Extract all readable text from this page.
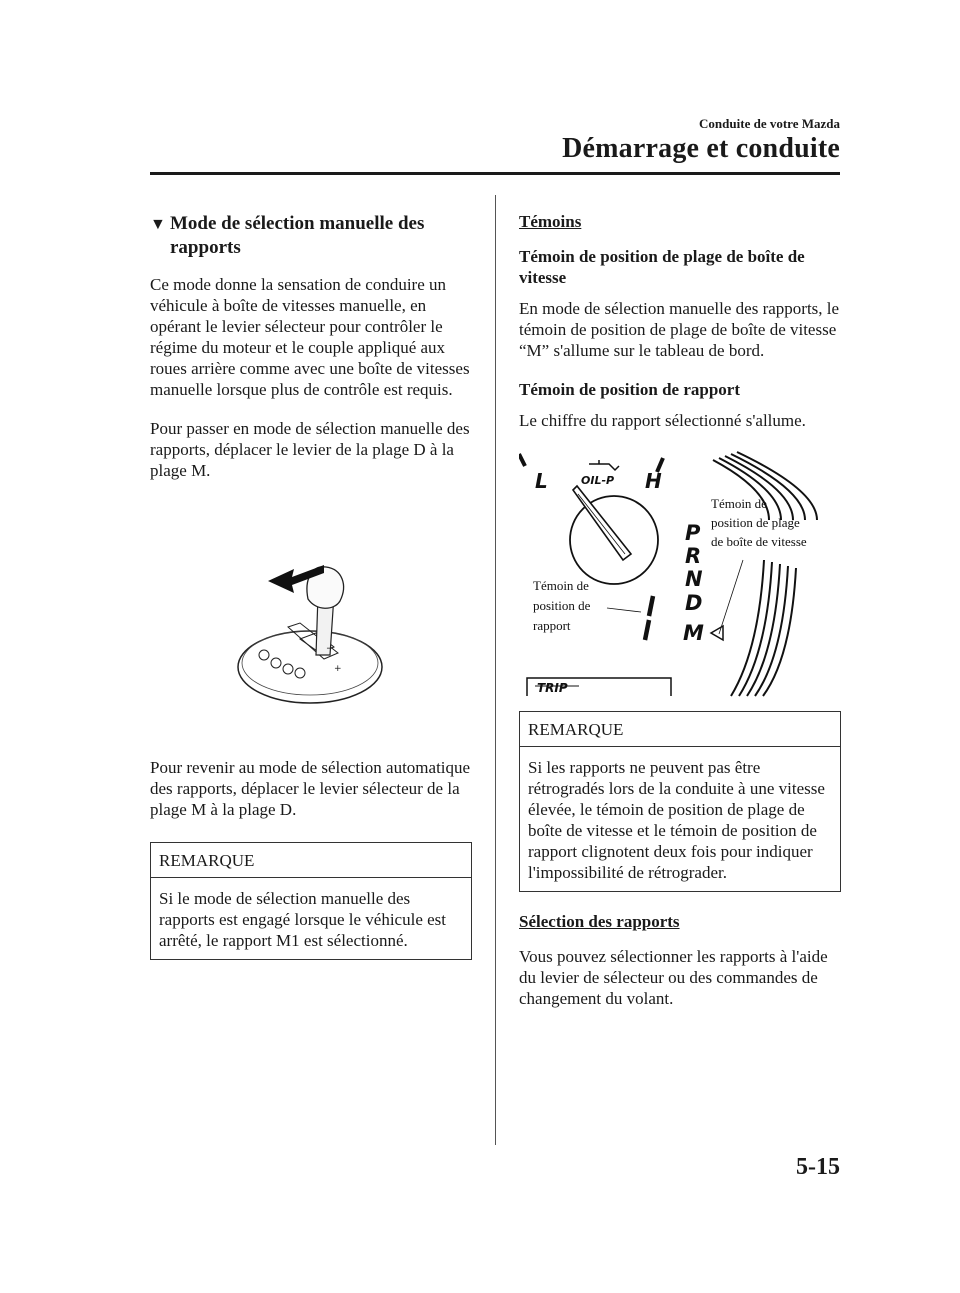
Conduite de votre Mazda
Démarrage et conduite
▼ Mode de sélection manuelle des rapports

Ce mode donne la sensation de conduire un véhicule à boîte de vitesses manuelle, en opérant le levier sélecteur pour contrôler le régime du moteur et le couple appliqué aux roues arrière comme avec une boîte de vitesses manuelle lorsque plus de contrôle est requis.

Pour passer en mode de sélection manuelle des rapports, déplacer le levier de la plage D à la plage M.

Pour revenir au mode de sélection automatique des rapports, déplacer le levier sélecteur de la plage M à la plage D.

REMARQUE
Si le mode de sélection manuelle des rapports est engagé lorsque le véhicule est arrêté, le rapport M1 est sélectionné.
+
−
Témoins
Témoin de position de plage de boîte de vitesse

En mode de sélection manuelle des rapports, le témoin de position de plage de boîte de vitesse “M” s'allume sur le tableau de bord.

Témoin de position de rapport

Le chiffre du rapport sélectionné s'allume.

REMARQUE
Si les rapports ne peuvent pas être rétrogradés lors de la conduite à une vitesse élevée, le témoin de position de plage de boîte de vitesse et le témoin de position de rapport clignotent deux fois pour indiquer l'impossibilité de rétrograder.
Sélection des rapports

Vous pouvez sélectionner les rapports à l'aide du levier de sélecteur ou des commandes de changement du volant.

L	H
OIL-P
P
R
N
D
M
TRIP
Témoin de
position de plage
de boîte de vitesse
Témoin de
position de
rapport
5-15
